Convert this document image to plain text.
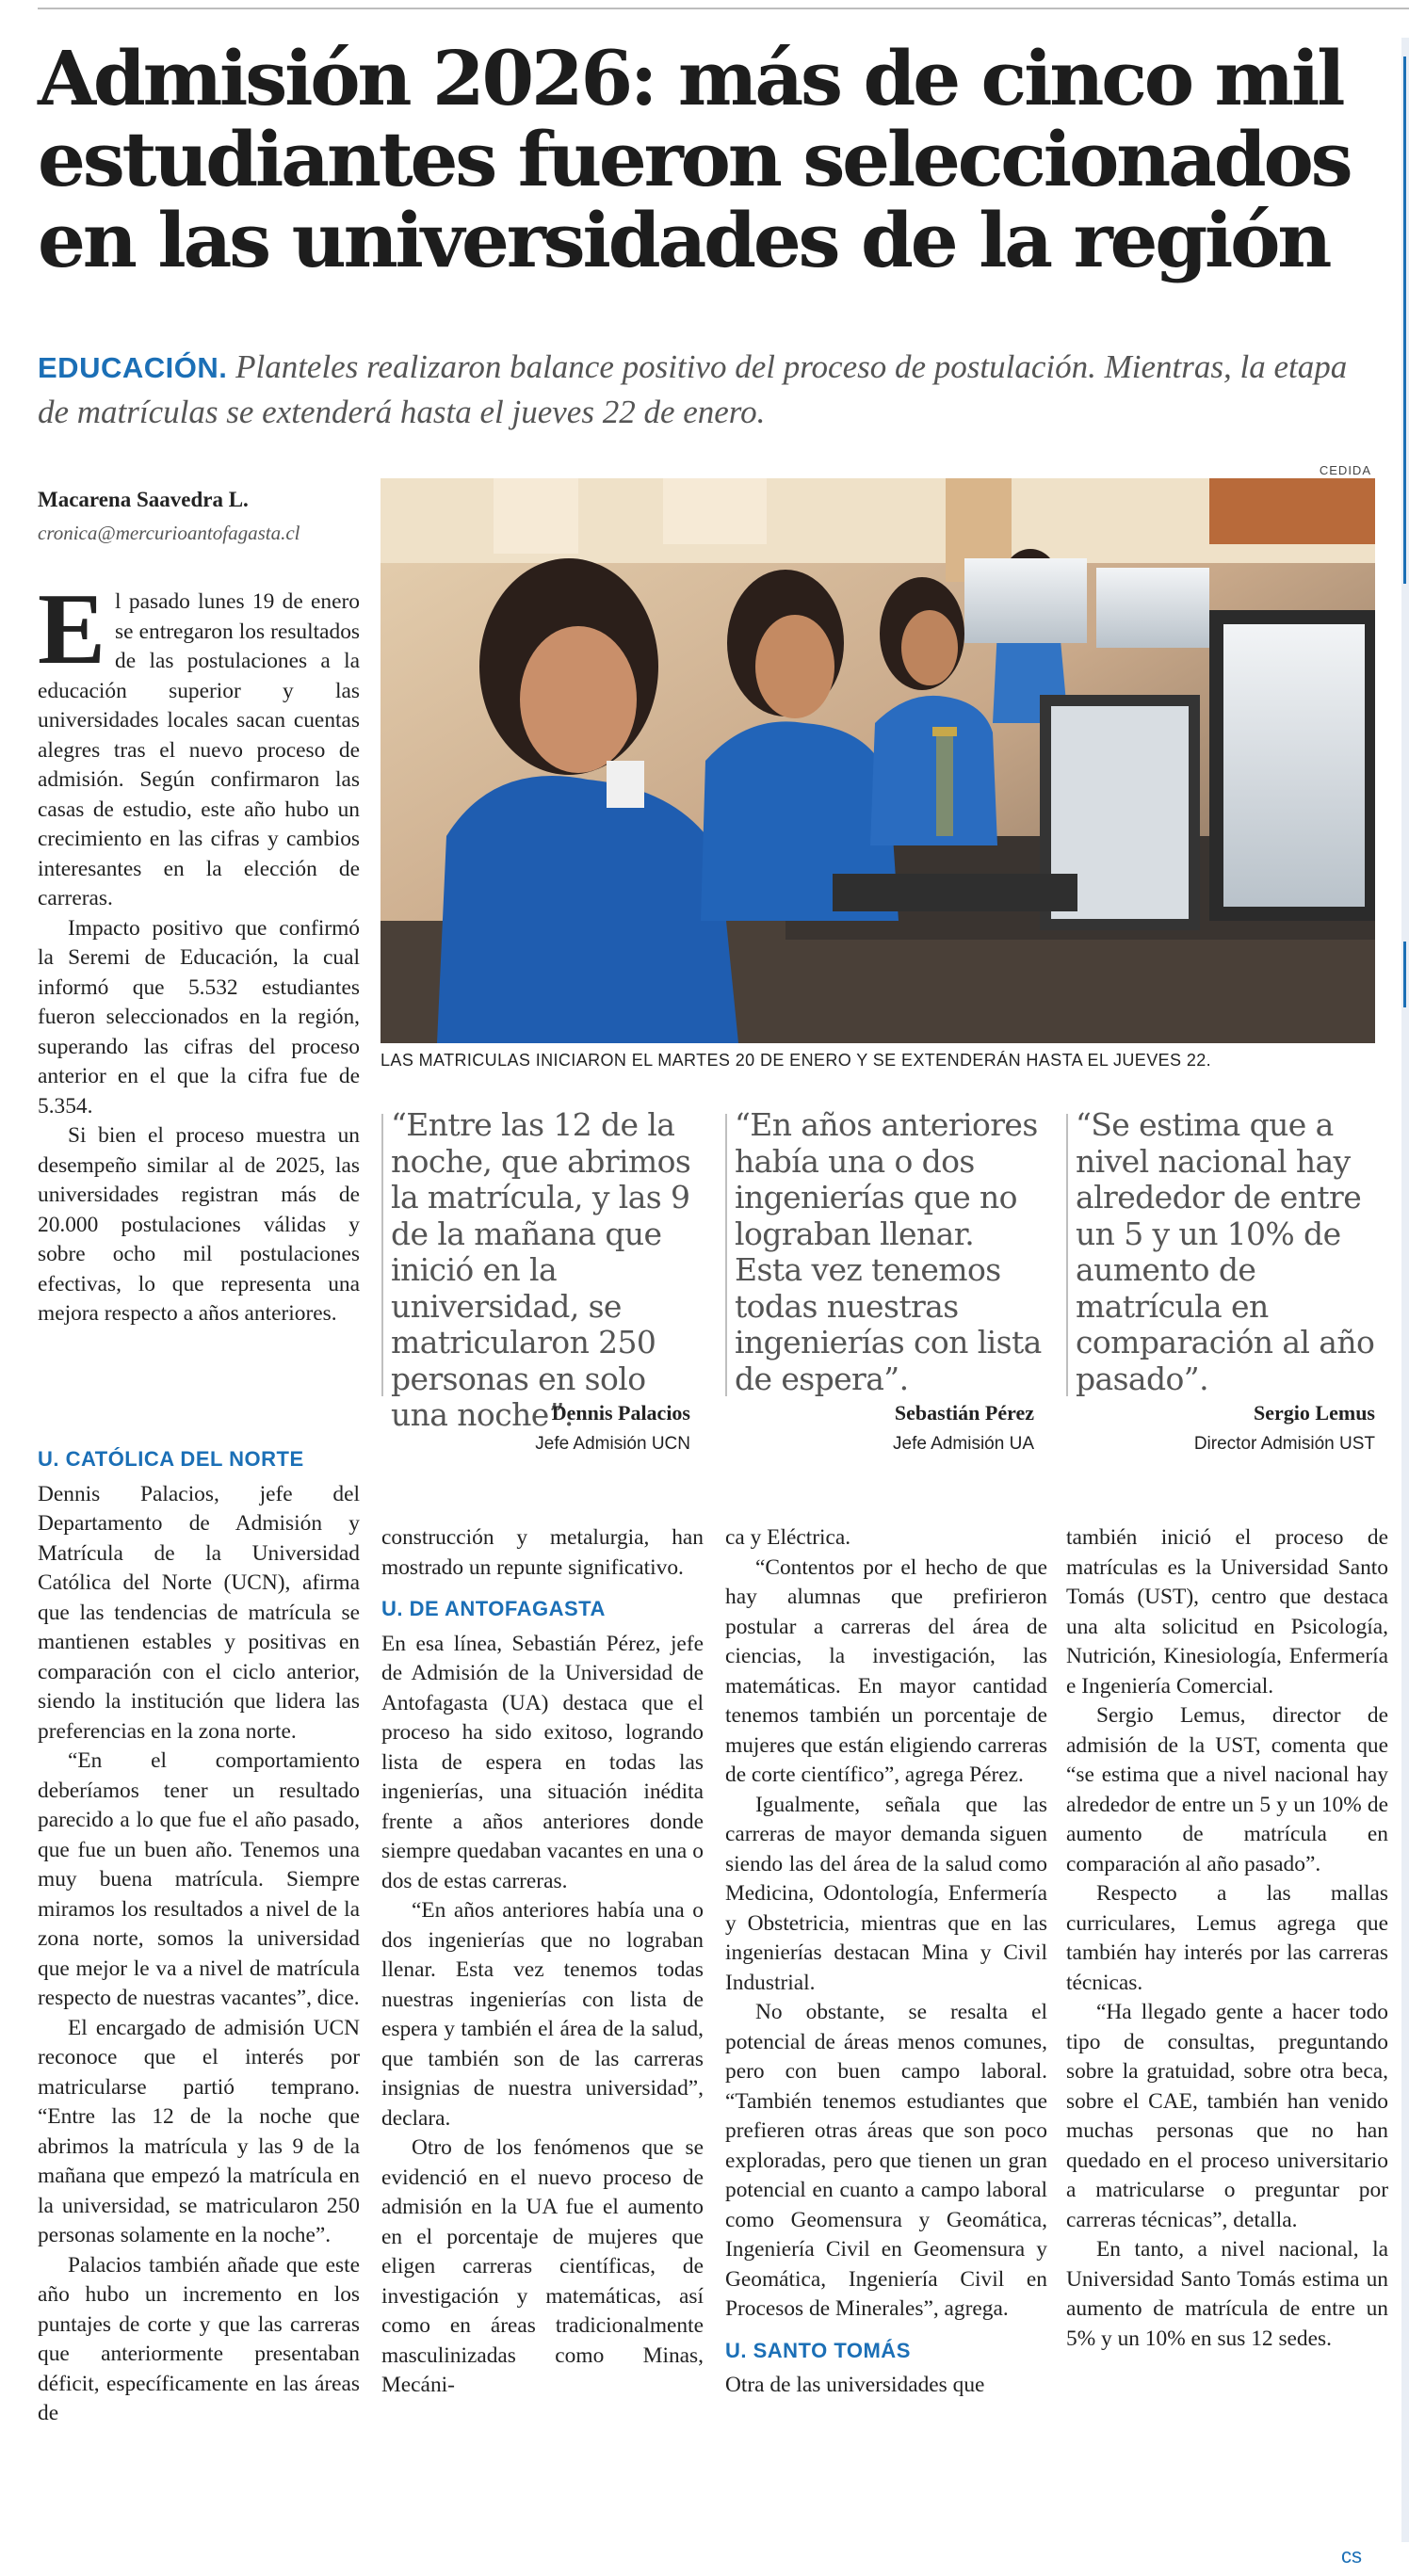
Admisión 2026: más de cinco mil
estudiantes fueron seleccionados
en las universidades de la región
EDUCACIÓN. Planteles realizaron balance positivo del proceso de postulación. Mientras, la etapa de matrículas se extenderá hasta el jueves 22 de enero.
CEDIDA
Macarena Saavedra L.
cronica@mercurioantofagasta.cl
LAS MATRICULAS INICIARON EL MARTES 20 DE ENERO Y SE EXTENDERÁN HASTA EL JUEVES 22.
“Entre las 12 de la noche, que abrimos la matrícula, y las 9 de la mañana que inició en la universidad, se matricularon 250 personas en solo una noche”.
Dennis Palacios
Jefe Admisión UCN
“En años anteriores había una o dos ingenierías que no lograban llenar. Esta vez tenemos todas nuestras ingenierías con lista de espera”.
Sebastián Pérez
Jefe Admisión UA
“Se estima que a nivel nacional hay alrededor de entre un 5 y un 10% de aumento de matrícula en comparación al año pasado”.
Sergio Lemus
Director Admisión UST

El pasado lunes 19 de enero se entregaron los resultados de las postulaciones a la educación superior y las universidades locales sacan cuentas alegres tras el nuevo proceso de admisión. Según confirmaron las casas de estudio, este año hubo un crecimiento en las cifras y cambios interesantes en la elección de carreras.

Impacto positivo que confirmó la Seremi de Educación, la cual informó que 5.532 estudiantes fueron seleccionados en la región, superando las cifras del proceso anterior en el que la cifra fue de 5.354.

Si bien el proceso muestra un desempeño similar al de 2025, las universidades registran más de 20.000 postulaciones válidas y sobre ocho mil postulaciones efectivas, lo que representa una mejora respecto a años anteriores.

U. CATÓLICA DEL NORTE

Dennis Palacios, jefe del Departamento de Admisión y Matrícula de la Universidad Católica del Norte (UCN), afirma que las tendencias de matrícula se mantienen estables y positivas en comparación con el ciclo anterior, siendo la institución que lidera las preferencias en la zona norte.

“En el comportamiento deberíamos tener un resultado parecido a lo que fue el año pasado, que fue un buen año. Tenemos una muy buena matrícula. Siempre miramos los resultados a nivel de la zona norte, somos la universidad que mejor le va a nivel de matrícula respecto de nuestras vacantes”, dice.

El encargado de admisión UCN reconoce que el interés por matricularse partió temprano. “Entre las 12 de la noche que abrimos la matrícula y las 9 de la mañana que empezó la matrícula en la universidad, se matricularon 250 personas solamente en la noche”.

Palacios también añade que este año hubo un incremento en los puntajes de corte y que las carreras que anteriormente presentaban déficit, específicamente en las áreas de

construcción y metalurgia, han mostrado un repunte significativo.

U. DE ANTOFAGASTA

En esa línea, Sebastián Pérez, jefe de Admisión de la Universidad de Antofagasta (UA) destaca que el proceso ha sido exitoso, logrando lista de espera en todas las ingenierías, una situación inédita frente a años anteriores donde siempre quedaban vacantes en una o dos de estas carreras.

“En años anteriores había una o dos ingenierías que no lograban llenar. Esta vez tenemos todas nuestras ingenierías con lista de espera y también el área de la salud, que también son de las carreras insignias de nuestra universidad”, declara.

Otro de los fenómenos que se evidenció en el nuevo proceso de admisión en la UA fue el aumento en el porcentaje de mujeres que eligen carreras científicas, de investigación y matemáticas, así como en áreas tradicionalmente masculinizadas como Minas, Mecáni-

ca y Eléctrica.

“Contentos por el hecho de que hay alumnas que prefirieron postular a carreras del área de ciencias, la investigación, las matemáticas. En mayor cantidad tenemos también un porcentaje de mujeres que están eligiendo carreras de corte científico”, agrega Pérez.

Igualmente, señala que las carreras de mayor demanda siguen siendo las del área de la salud como Medicina, Odontología, Enfermería y Obstetricia, mientras que en las ingenierías destacan Mina y Civil Industrial.

No obstante, se resalta el potencial de áreas menos comunes, pero con buen campo laboral. “También tenemos estudiantes que prefieren otras áreas que son poco exploradas, pero que tienen un gran potencial en cuanto a campo laboral como Geomensura y Geomática, Ingeniería Civil en Geomensura y Geomática, Ingeniería Civil en Procesos de Minerales”, agrega.

U. SANTO TOMÁS

Otra de las universidades que

también inició el proceso de matrículas es la Universidad Santo Tomás (UST), centro que destaca una alta solicitud en Psicología, Nutrición, Kinesiología, Enfermería e Ingeniería Comercial.

Sergio Lemus, director de admisión de la UST, comenta que “se estima que a nivel nacional hay alrededor de entre un 5 y un 10% de aumento de matrícula en comparación al año pasado”.

Respecto a las mallas curriculares, Lemus agrega que también hay interés por las carreras técnicas.

“Ha llegado gente a hacer todo tipo de consultas, preguntando sobre la gratuidad, sobre otra beca, sobre el CAE, también han venido muchas personas que no han quedado en el proceso universitario a matricularse o preguntar por carreras técnicas”, detalla.

En tanto, a nivel nacional, la Universidad Santo Tomás estima un aumento de matrícula de entre un 5% y un 10% en sus 12 sedes.

cs
